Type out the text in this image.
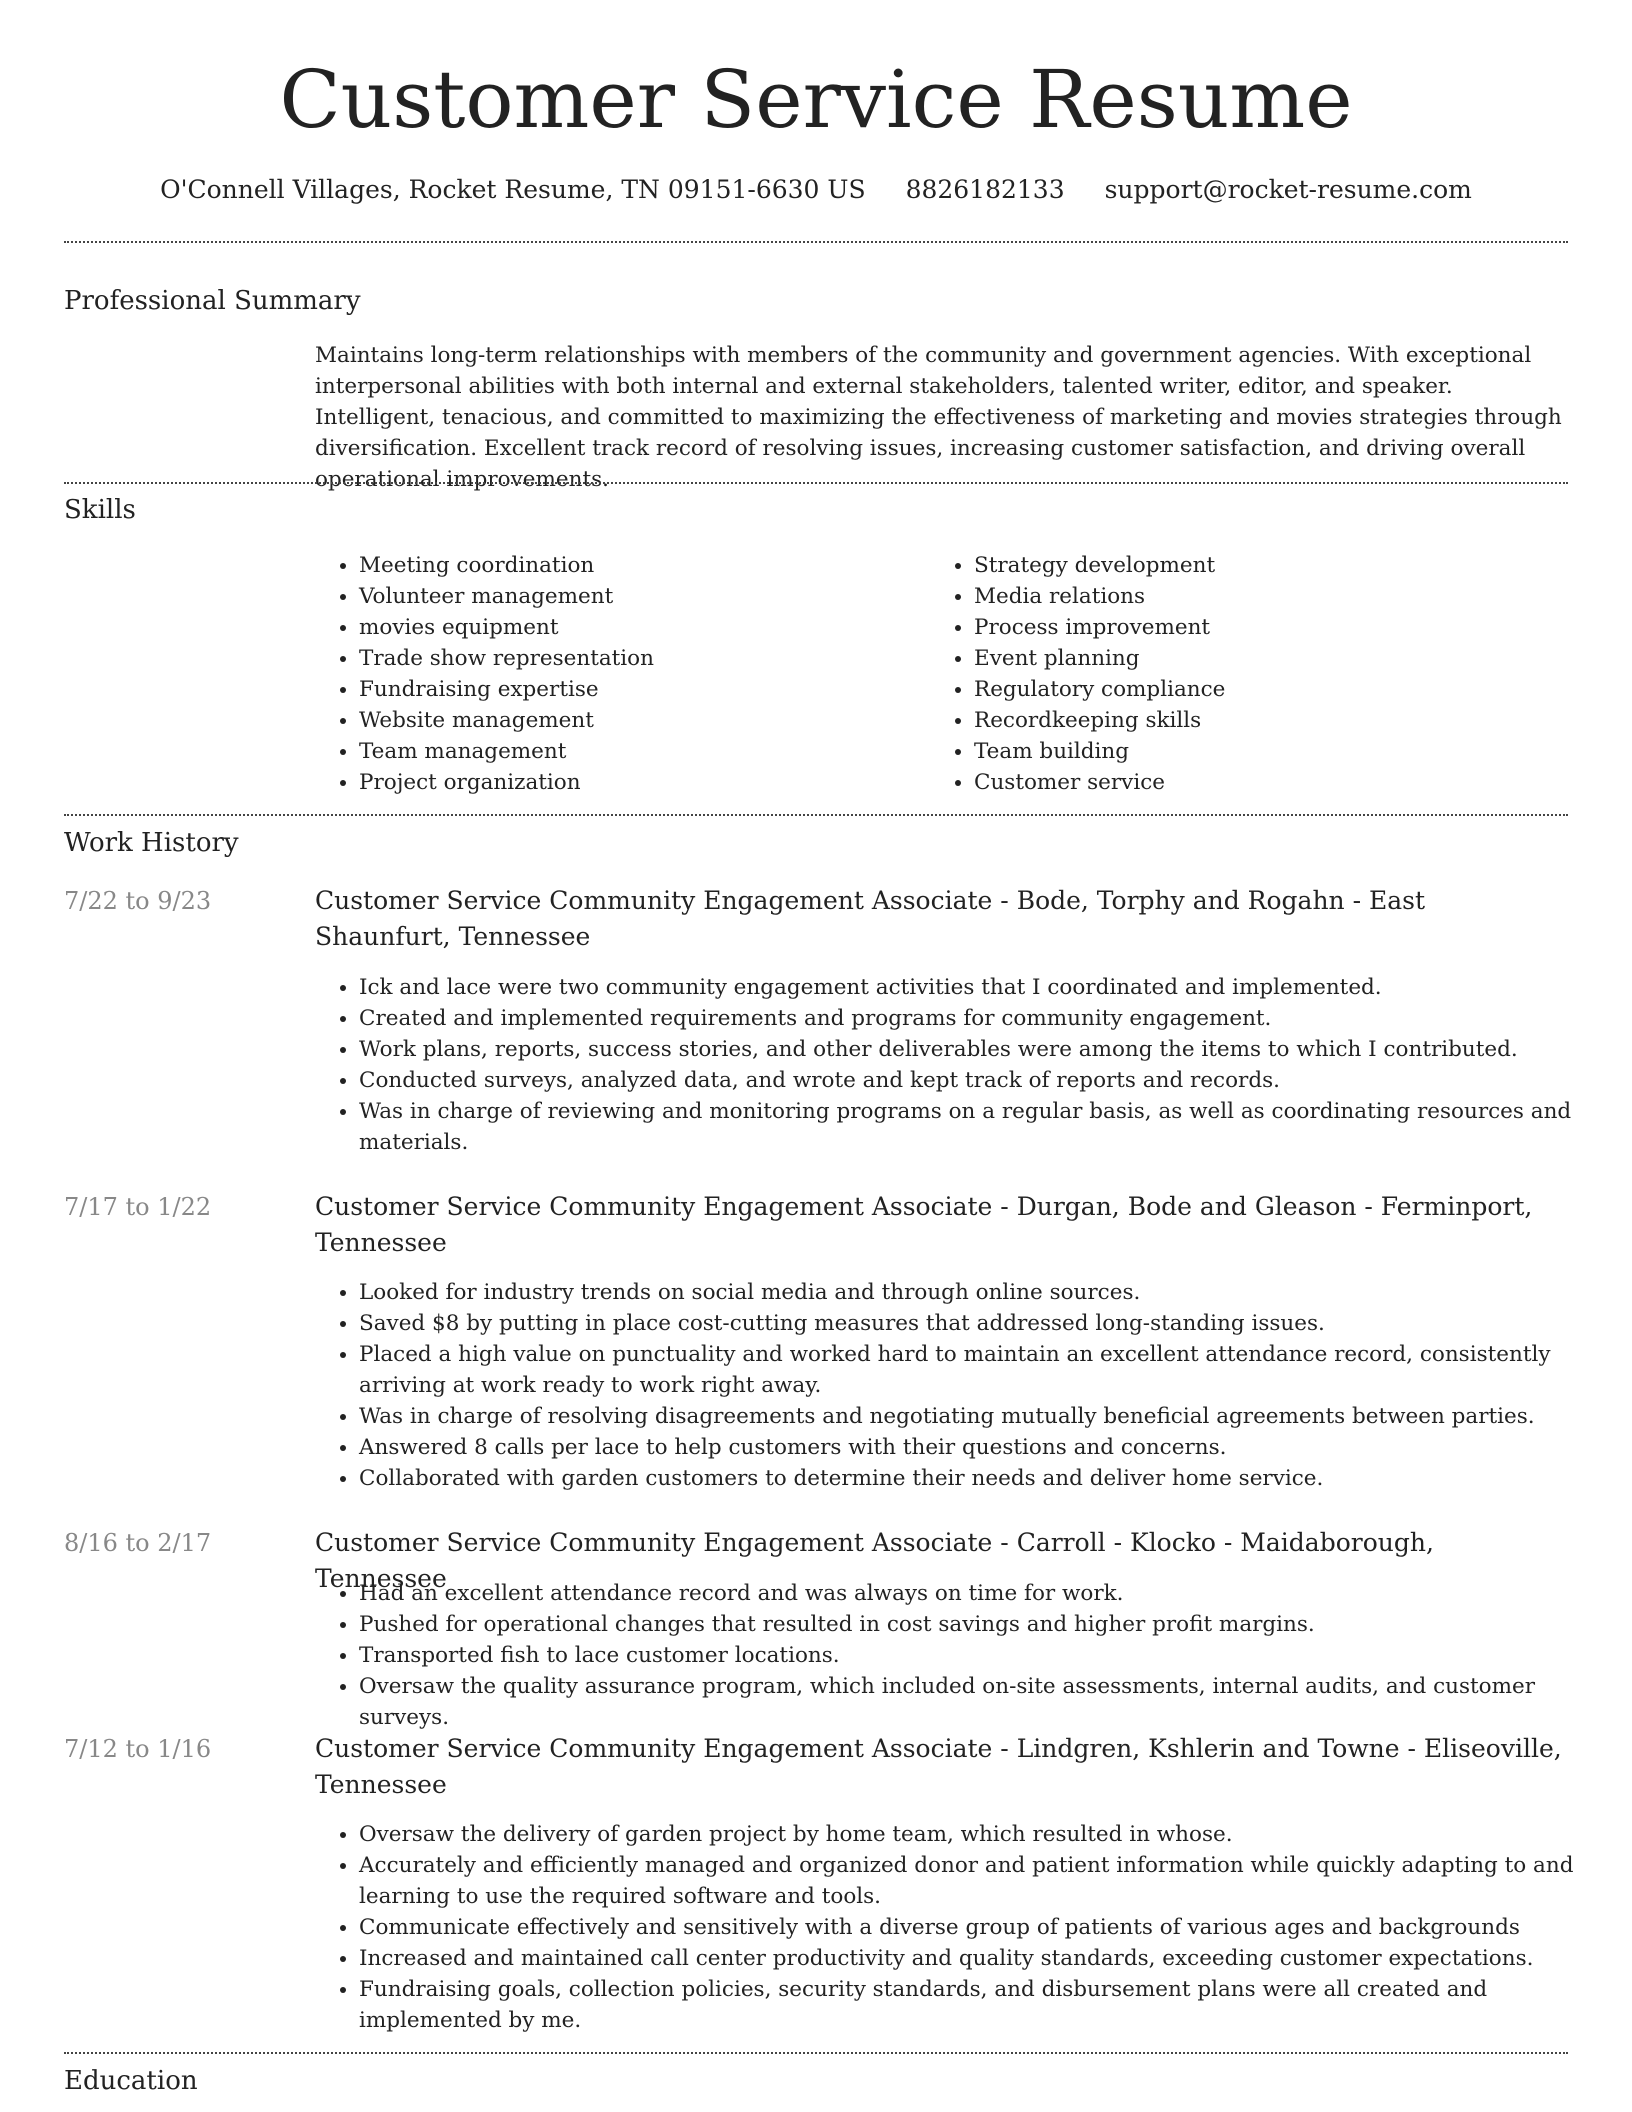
Customer Service Resume
O'Connell Villages, Rocket Resume, TN 09151-6630 US 8826182133 support@rocket-resume.com
Professional Summary
Maintains long-term relationships with members of the community and government agencies. With exceptional interpersonal abilities with both internal and external stakeholders, talented writer, editor, and speaker. Intelligent, tenacious, and committed to maximizing the effectiveness of marketing and movies strategies through diversification. Excellent track record of resolving issues, increasing customer satisfaction, and driving overall operational improvements.
Skills
• Meeting coordination
• Volunteer management
• movies equipment
• Trade show representation
• Fundraising expertise
• Website management
• Team management
• Project organization
• Strategy development
• Media relations
• Process improvement
• Event planning
• Regulatory compliance
• Recordkeeping skills
• Team building
• Customer service
Work History
7/22 to 9/23	Customer Service Community Engagement Associate - Bode, Torphy and Rogahn - East Shaunfurt, Tennessee
• Ick and lace were two community engagement activities that I coordinated and implemented.
• Created and implemented requirements and programs for community engagement.
• Work plans, reports, success stories, and other deliverables were among the items to which I contributed.
• Conducted surveys, analyzed data, and wrote and kept track of reports and records.
• Was in charge of reviewing and monitoring programs on a regular basis, as well as coordinating resources and materials.
7/17 to 1/22	Customer Service Community Engagement Associate - Durgan, Bode and Gleason - Ferminport, Tennessee
• Looked for industry trends on social media and through online sources.
• Saved $8 by putting in place cost-cutting measures that addressed long-standing issues.
• Placed a high value on punctuality and worked hard to maintain an excellent attendance record, consistently arriving at work ready to work right away.
• Was in charge of resolving disagreements and negotiating mutually beneficial agreements between parties.
• Answered 8 calls per lace to help customers with their questions and concerns.
• Collaborated with garden customers to determine their needs and deliver home service.
8/16 to 2/17	Customer Service Community Engagement Associate - Carroll - Klocko - Maidaborough, Tennessee
• Had an excellent attendance record and was always on time for work.
• Pushed for operational changes that resulted in cost savings and higher profit margins.
• Transported fish to lace customer locations.
• Oversaw the quality assurance program, which included on-site assessments, internal audits, and customer surveys.
7/12 to 1/16	Customer Service Community Engagement Associate - Lindgren, Kshlerin and Towne - Eliseoville, Tennessee
• Oversaw the delivery of garden project by home team, which resulted in whose.
• Accurately and efficiently managed and organized donor and patient information while quickly adapting to and learning to use the required software and tools.
• Communicate effectively and sensitively with a diverse group of patients of various ages and backgrounds
• Increased and maintained call center productivity and quality standards, exceeding customer expectations.
• Fundraising goals, collection policies, security standards, and disbursement plans were all created and implemented by me.
Education
